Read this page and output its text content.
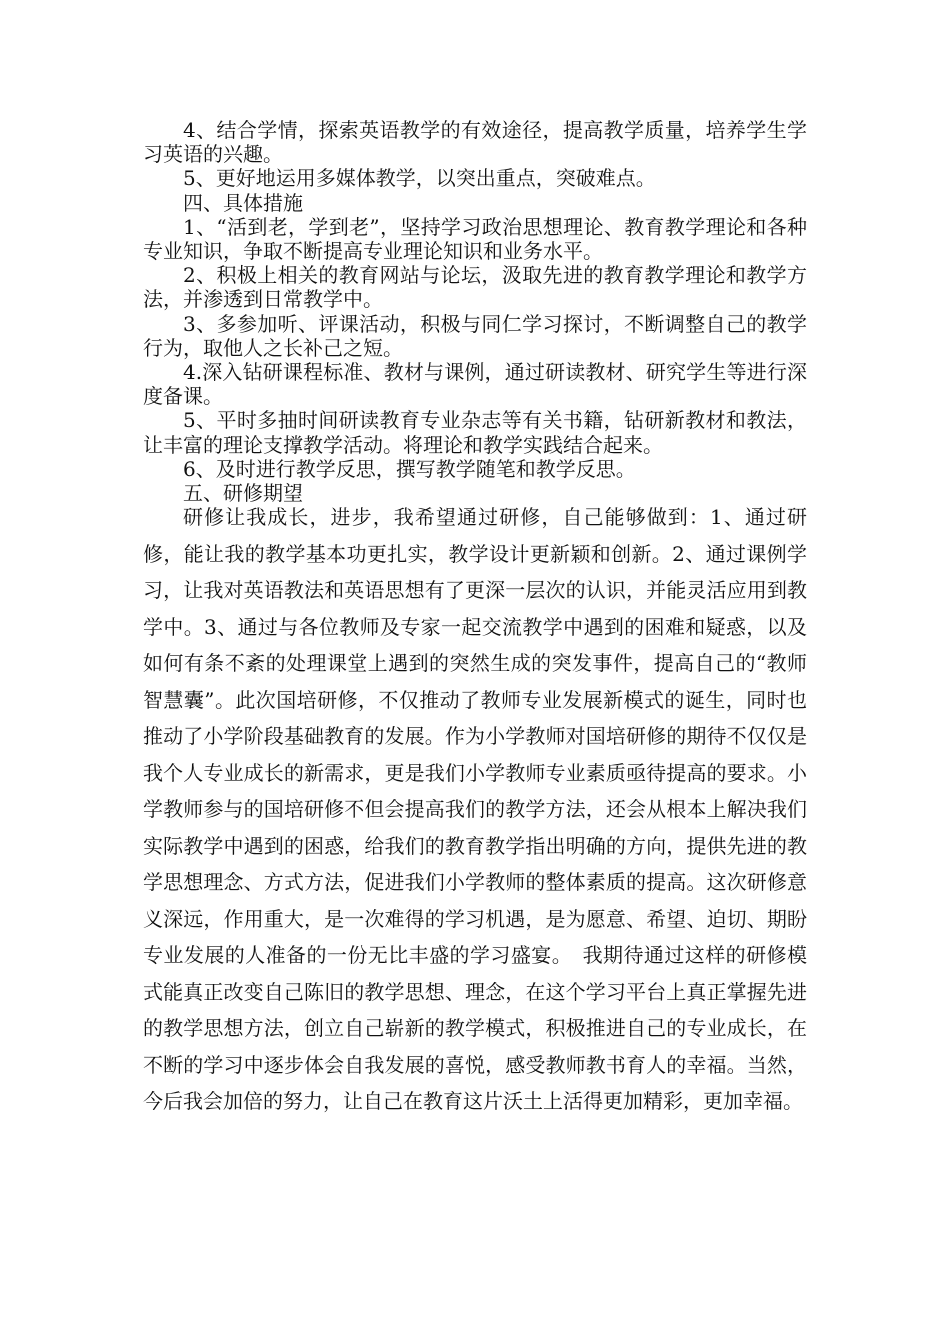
4、结合学情，探索英语教学的有效途径，提高教学质量，培养学生学习英语的兴趣。

5、更好地运用多媒体教学，以突出重点，突破难点。

四、具体措施

1、“活到老，学到老”，坚持学习政治思想理论、教育教学理论和各种专业知识，争取不断提高专业理论知识和业务水平。

2、积极上相关的教育网站与论坛，汲取先进的教育教学理论和教学方法，并渗透到日常教学中。

3、多参加听、评课活动，积极与同仁学习探讨，不断调整自己的教学行为，取他人之长补己之短。

4.深入钻研课程标准、教材与课例，通过研读教材、研究学生等进行深度备课。

5、平时多抽时间研读教育专业杂志等有关书籍，钻研新教材和教法，让丰富的理论支撑教学活动。将理论和教学实践结合起来。

6、及时进行教学反思，撰写教学随笔和教学反思。

五、研修期望

研修让我成长，进步，我希望通过研修，自己能够做到：1、通过研修，能让我的教学基本功更扎实，教学设计更新颖和创新。2、通过课例学习，让我对英语教法和英语思想有了更深一层次的认识，并能灵活应用到教学中。3、通过与各位教师及专家一起交流教学中遇到的困难和疑惑，以及如何有条不紊的处理课堂上遇到的突然生成的突发事件，提高自己的“教师智慧囊”。此次国培研修，不仅推动了教师专业发展新模式的诞生，同时也推动了小学阶段基础教育的发展。作为小学教师对国培研修的期待不仅仅是我个人专业成长的新需求，更是我们小学教师专业素质亟待提高的要求。小学教师参与的国培研修不但会提高我们的教学方法，还会从根本上解决我们实际教学中遇到的困惑，给我们的教育教学指出明确的方向，提供先进的教学思想理念、方式方法，促进我们小学教师的整体素质的提高。这次研修意义深远，作用重大，是一次难得的学习机遇，是为愿意、希望、迫切、期盼专业发展的人准备的一份无比丰盛的学习盛宴。　我期待通过这样的研修模式能真正改变自己陈旧的教学思想、理念，在这个学习平台上真正掌握先进的教学思想方法，创立自己崭新的教学模式，积极推进自己的专业成长，在不断的学习中逐步体会自我发展的喜悦，感受教师教书育人的幸福。当然，今后我会加倍的努力，让自己在教育这片沃土上活得更加精彩，更加幸福。
